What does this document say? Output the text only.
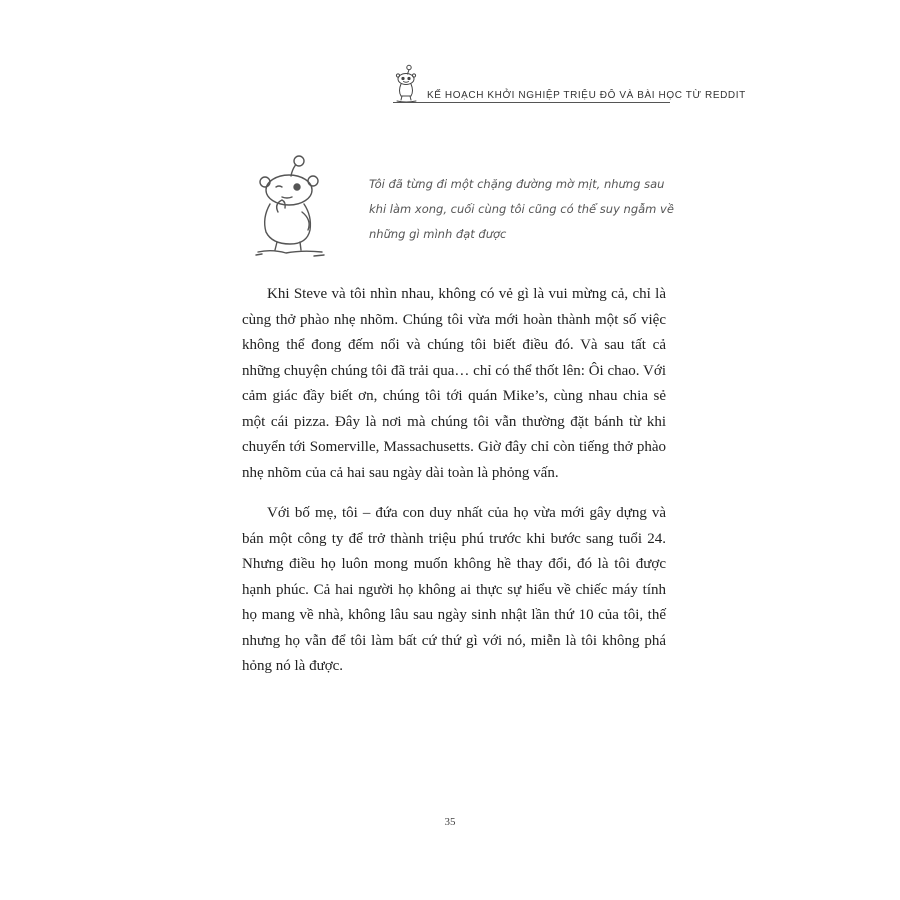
KẾ HOẠCH KHỞI NGHIỆP TRIỆU ĐÔ VÀ BÀI HỌC TỪ REDDIT

Tôi đã từng đi một chặng đường mờ mịt, nhưng sau khi làm xong, cuối cùng tôi cũng có thể suy ngẫm về những gì mình đạt được

Khi Steve và tôi nhìn nhau, không có vẻ gì là vui mừng cả, chỉ là cùng thở phào nhẹ nhõm. Chúng tôi vừa mới hoàn thành một số việc không thể đong đếm nổi và chúng tôi biết điều đó. Và sau tất cả những chuyện chúng tôi đã trải qua… chỉ có thể thốt lên: Ôi chao. Với cảm giác đầy biết ơn, chúng tôi tới quán Mike’s, cùng nhau chia sẻ một cái pizza. Đây là nơi mà chúng tôi vẫn thường đặt bánh từ khi chuyển tới Somerville, Massachusetts. Giờ đây chỉ còn tiếng thở phào nhẹ nhõm của cả hai sau ngày dài toàn là phỏng vấn.

Với bố mẹ, tôi – đứa con duy nhất của họ vừa mới gây dựng và bán một công ty để trở thành triệu phú trước khi bước sang tuổi 24. Nhưng điều họ luôn mong muốn không hề thay đổi, đó là tôi được hạnh phúc. Cả hai người họ không ai thực sự hiểu về chiếc máy tính họ mang về nhà, không lâu sau ngày sinh nhật lần thứ 10 của tôi, thế nhưng họ vẫn để tôi làm bất cứ thứ gì với nó, miễn là tôi không phá hỏng nó là được.

35
